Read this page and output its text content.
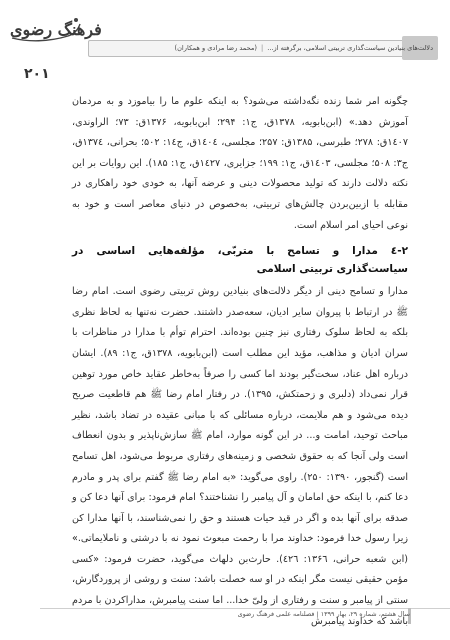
فرهنگ رضوی
دلالت‌های بنیادین سیاست‌گذاری تربیتی اسلامی، برگرفته از...|(محمد رضا مرادی و همکاران)
۲۰۱

چگونه امر شما زنده نگه‌داشته می‌شود؟ به اینکه علوم ما را بیاموزد و به مردمان آموزش دهد.» (ابن‌بابویه، ۱۳۷۸ق، ج۱: ۲۹۴؛ ابن‌بابویه، ۱۳۷۶ق: ۷۳؛ الراوندی، ۱٤۰۷ق: ۲۷۸؛ طبرسی، ۱۳۸۵ق: ۲۵۷؛ مجلسی، ۱٤۰٤ق، ج۱٤: ۵۰۲؛ بحرانی، ۱۳۷٤ق، ج۳: ۵۰۸؛ مجلسی، ۱٤۰۳ق، ج۱: ۱۹۹؛ جزایری، ۱٤۲۷ق، ج۱: ۱۸۵). این روایات بر این نکته دلالت دارند که تولید محصولات دینی و عرضه آنها، به خودی خود راهکاری در مقابله با ازبین‌بردن چالش‌های تربیتی، به‌خصوص در دنیای معاصر است و خود به نوعی احیای امر اسلام است.

۲-٤ مدارا و تسامح با متربّی، مؤلفه‌هایی اساسی در سیاست‌گذاری تربیتی اسلامی

مدارا و تسامح دینی از دیگر دلالت‌های بنیادین روش تربیتی رضوی است. امام رضا ﷺ در ارتباط با پیروان سایر ادیان، سعه‌صدر داشتند. حضرت نه‌تنها به لحاظ نظری بلکه به لحاظ سلوک رفتاری نیز چنین بوده‌اند. احترام توأم با مدارا در مناظرات با سران ادیان و مذاهب، مؤید این مطلب است (ابن‌بابویه، ۱۳۷۸ق، ج۱: ۸۹). ایشان درباره اهل عناد، سخت‌گیر بودند اما کسی را صرفاً به‌خاطر عقاید خاص مورد توهین قرار نمی‌داد (دلبری و زحمتکش، ۱۳۹۵). در رفتار امام رضا ﷺ هم قاطعیت صریح دیده می‌شود و هم ملایمت، درباره مسائلی که با مبانی عقیده در تضاد باشد، نظیر مباحث توحید، امامت و... در این گونه موارد، امام ﷺ سازش‌ناپذیر و بدون انعطاف است ولی آنجا که به حقوق شخصی و زمینه‌های رفتاری مربوط می‌شود، اهل تسامح است (گنجور، ۱۳۹۰: ۲۵۰). راوی می‌گوید: «به امام رضا ﷺ گفتم برای پدر و مادرم دعا کنم، با اینکه حق امامان و آل پیامبر را نشناختند؟ امام فرمود: برای آنها دعا کن و صدقه برای آنها بده و اگر در قید حیات هستند و حق را نمی‌شناسند، با آنها مدارا کن زیرا رسول خدا فرمود: خداوند مرا با رحمت مبعوث نمود نه با درشتی و ناملایماتی.» (ابن شعبه حرانی، ۱۳۶٦: ٤۲٦). حارث‌بن دلهاث می‌گوید، حضرت فرمود: «کسی مؤمن حقیقی نیست مگر اینکه در او سه خصلت باشد: سنت و روشی از پروردگارش، سنتی از پیامبر و سنت و رفتاری از ولیّ خدا... اما سنت پیامبرش، مداراکردن با مردم باشد که خداوند پیامبرش

سال هشتم، شماره ۲۹، بهار ۱۳۹۹ | فصلنامه علمی فرهنگ رضوی
